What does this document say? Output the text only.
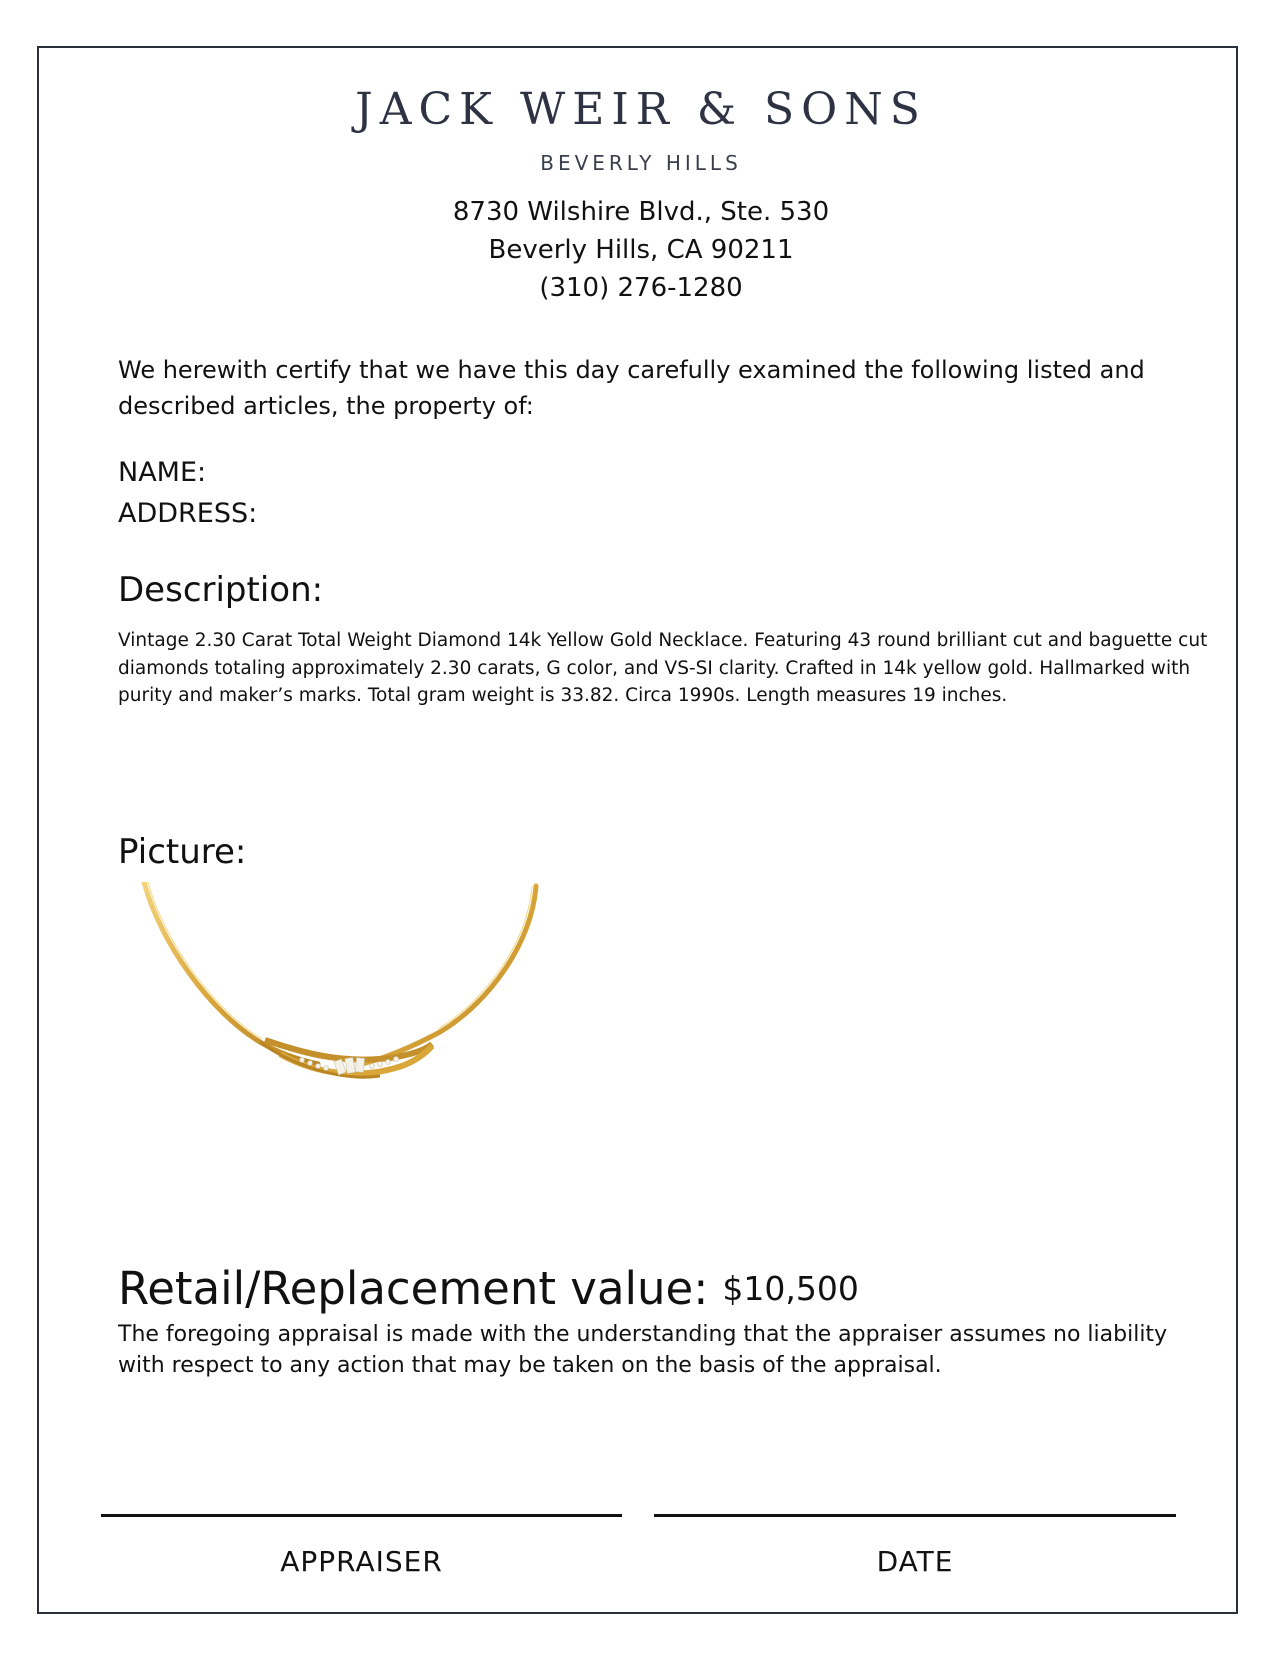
JACK WEIR & SONS
BEVERLY HILLS
8730 Wilshire Blvd., Ste. 530
Beverly Hills, CA 90211
(310) 276-1280
We herewith certify that we have this day carefully examined the following listed and described articles, the property of:
NAME:
ADDRESS:
Description:
Vintage 2.30 Carat Total Weight Diamond 14k Yellow Gold Necklace. Featuring 43 round brilliant cut and baguette cut diamonds totaling approximately 2.30 carats, G color, and VS-SI clarity. Crafted in 14k yellow gold. Hallmarked with purity and maker’s marks. Total gram weight is 33.82. Circa 1990s. Length measures 19 inches.
Picture:
Retail/Replacement value: $10,500
The foregoing appraisal is made with the understanding that the appraiser assumes no liability with respect to any action that may be taken on the basis of the appraisal.
APPRAISER	DATE
